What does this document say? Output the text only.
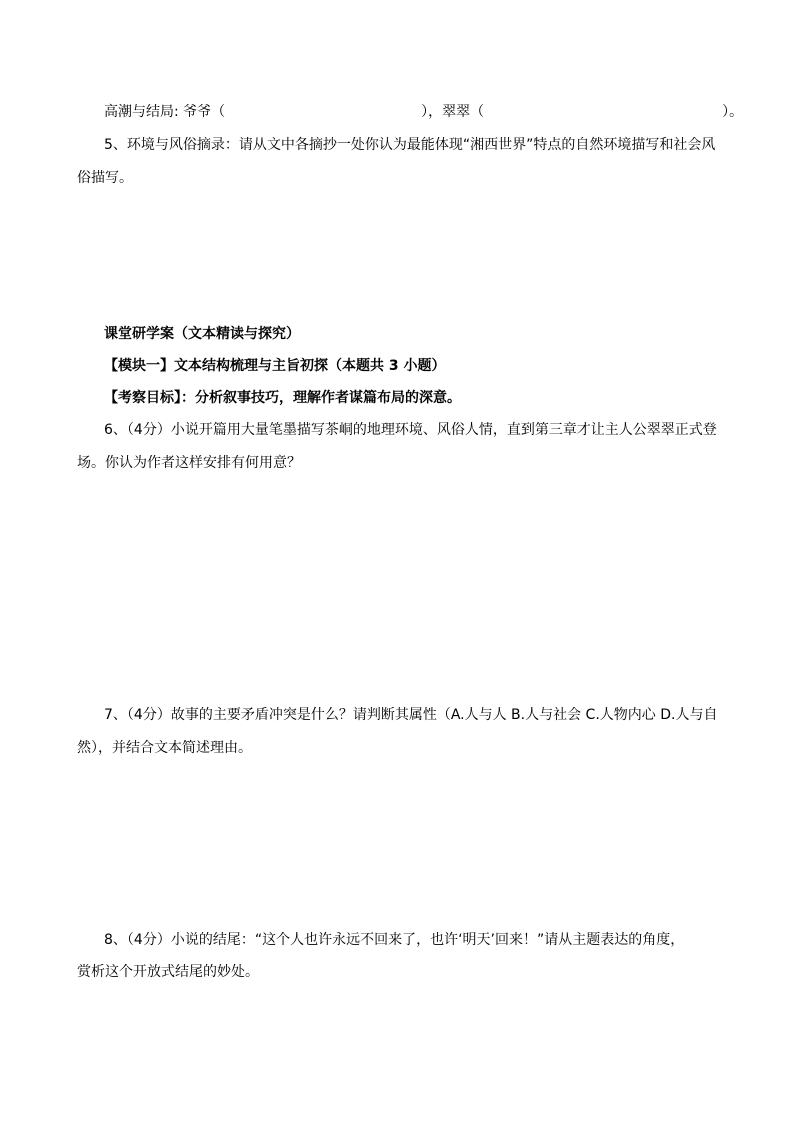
高潮与结局: 爷爷（　　　　　　　　　　　　　　），翠翠（　　　　　　　　　　　　　　　　　）。
5、环境与风俗摘录：请从文中各摘抄一处你认为最能体现“湘西世界”特点的自然环境描写和社会风
俗描写。
课堂研学案（文本精读与探究）
【模块一】文本结构梳理与主旨初探（本题共 3 小题）
【考察目标】：分析叙事技巧，理解作者谋篇布局的深意。
6、（4分）小说开篇用大量笔墨描写茶峒的地理环境、风俗人情，直到第三章才让主人公翠翠正式登
场。你认为作者这样安排有何用意？
7、（4分）故事的主要矛盾冲突是什么？请判断其属性（A.人与人 B.人与社会 C.人物内心 D.人与自
然），并结合文本简述理由。
8、（4分）小说的结尾：“这个人也许永远不回来了，也许‘明天’回来！”请从主题表达的角度，
赏析这个开放式结尾的妙处。
